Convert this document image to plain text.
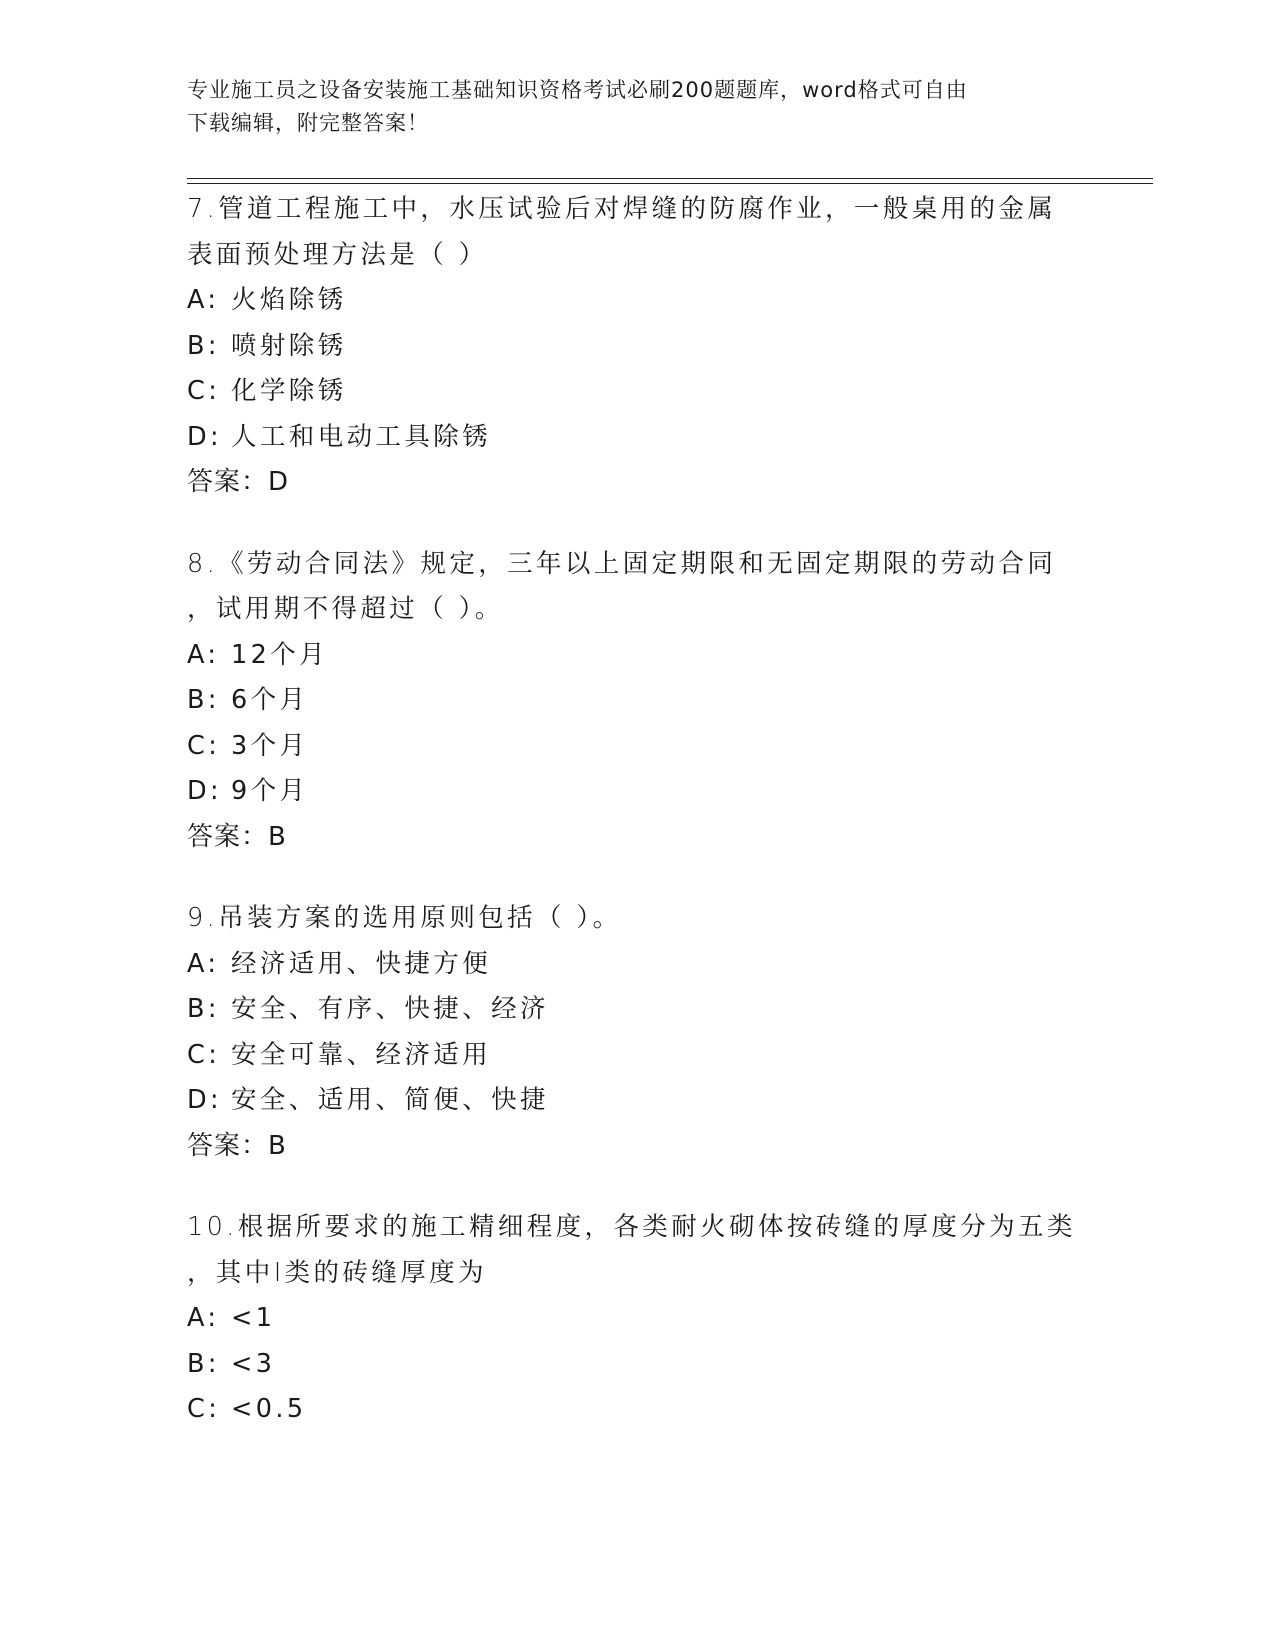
专业施工员之设备安装施工基础知识资格考试必刷200题题库，word格式可自由
下载编辑，附完整答案！

7.管道工程施工中，水压试验后对焊缝的防腐作业，一般桌用的金属

表面预处理方法是（ ）

A: 火焰除锈

B: 喷射除锈

C: 化学除锈

D: 人工和电动工具除锈

答案：D

8.《劳动合同法》规定，三年以上固定期限和无固定期限的劳动合同

，试用期不得超过（ ）。

A: 12个月

B: 6个月

C: 3个月

D: 9个月

答案：B

9.吊装方案的选用原则包括（ ）。

A: 经济适用、快捷方便

B: 安全、有序、快捷、经济

C: 安全可靠、经济适用

D: 安全、适用、简便、快捷

答案：B

10.根据所要求的施工精细程度，各类耐火砌体按砖缝的厚度分为五类

，其中Ⅰ类的砖缝厚度为

A: <1

B: <3

C: <0.5
